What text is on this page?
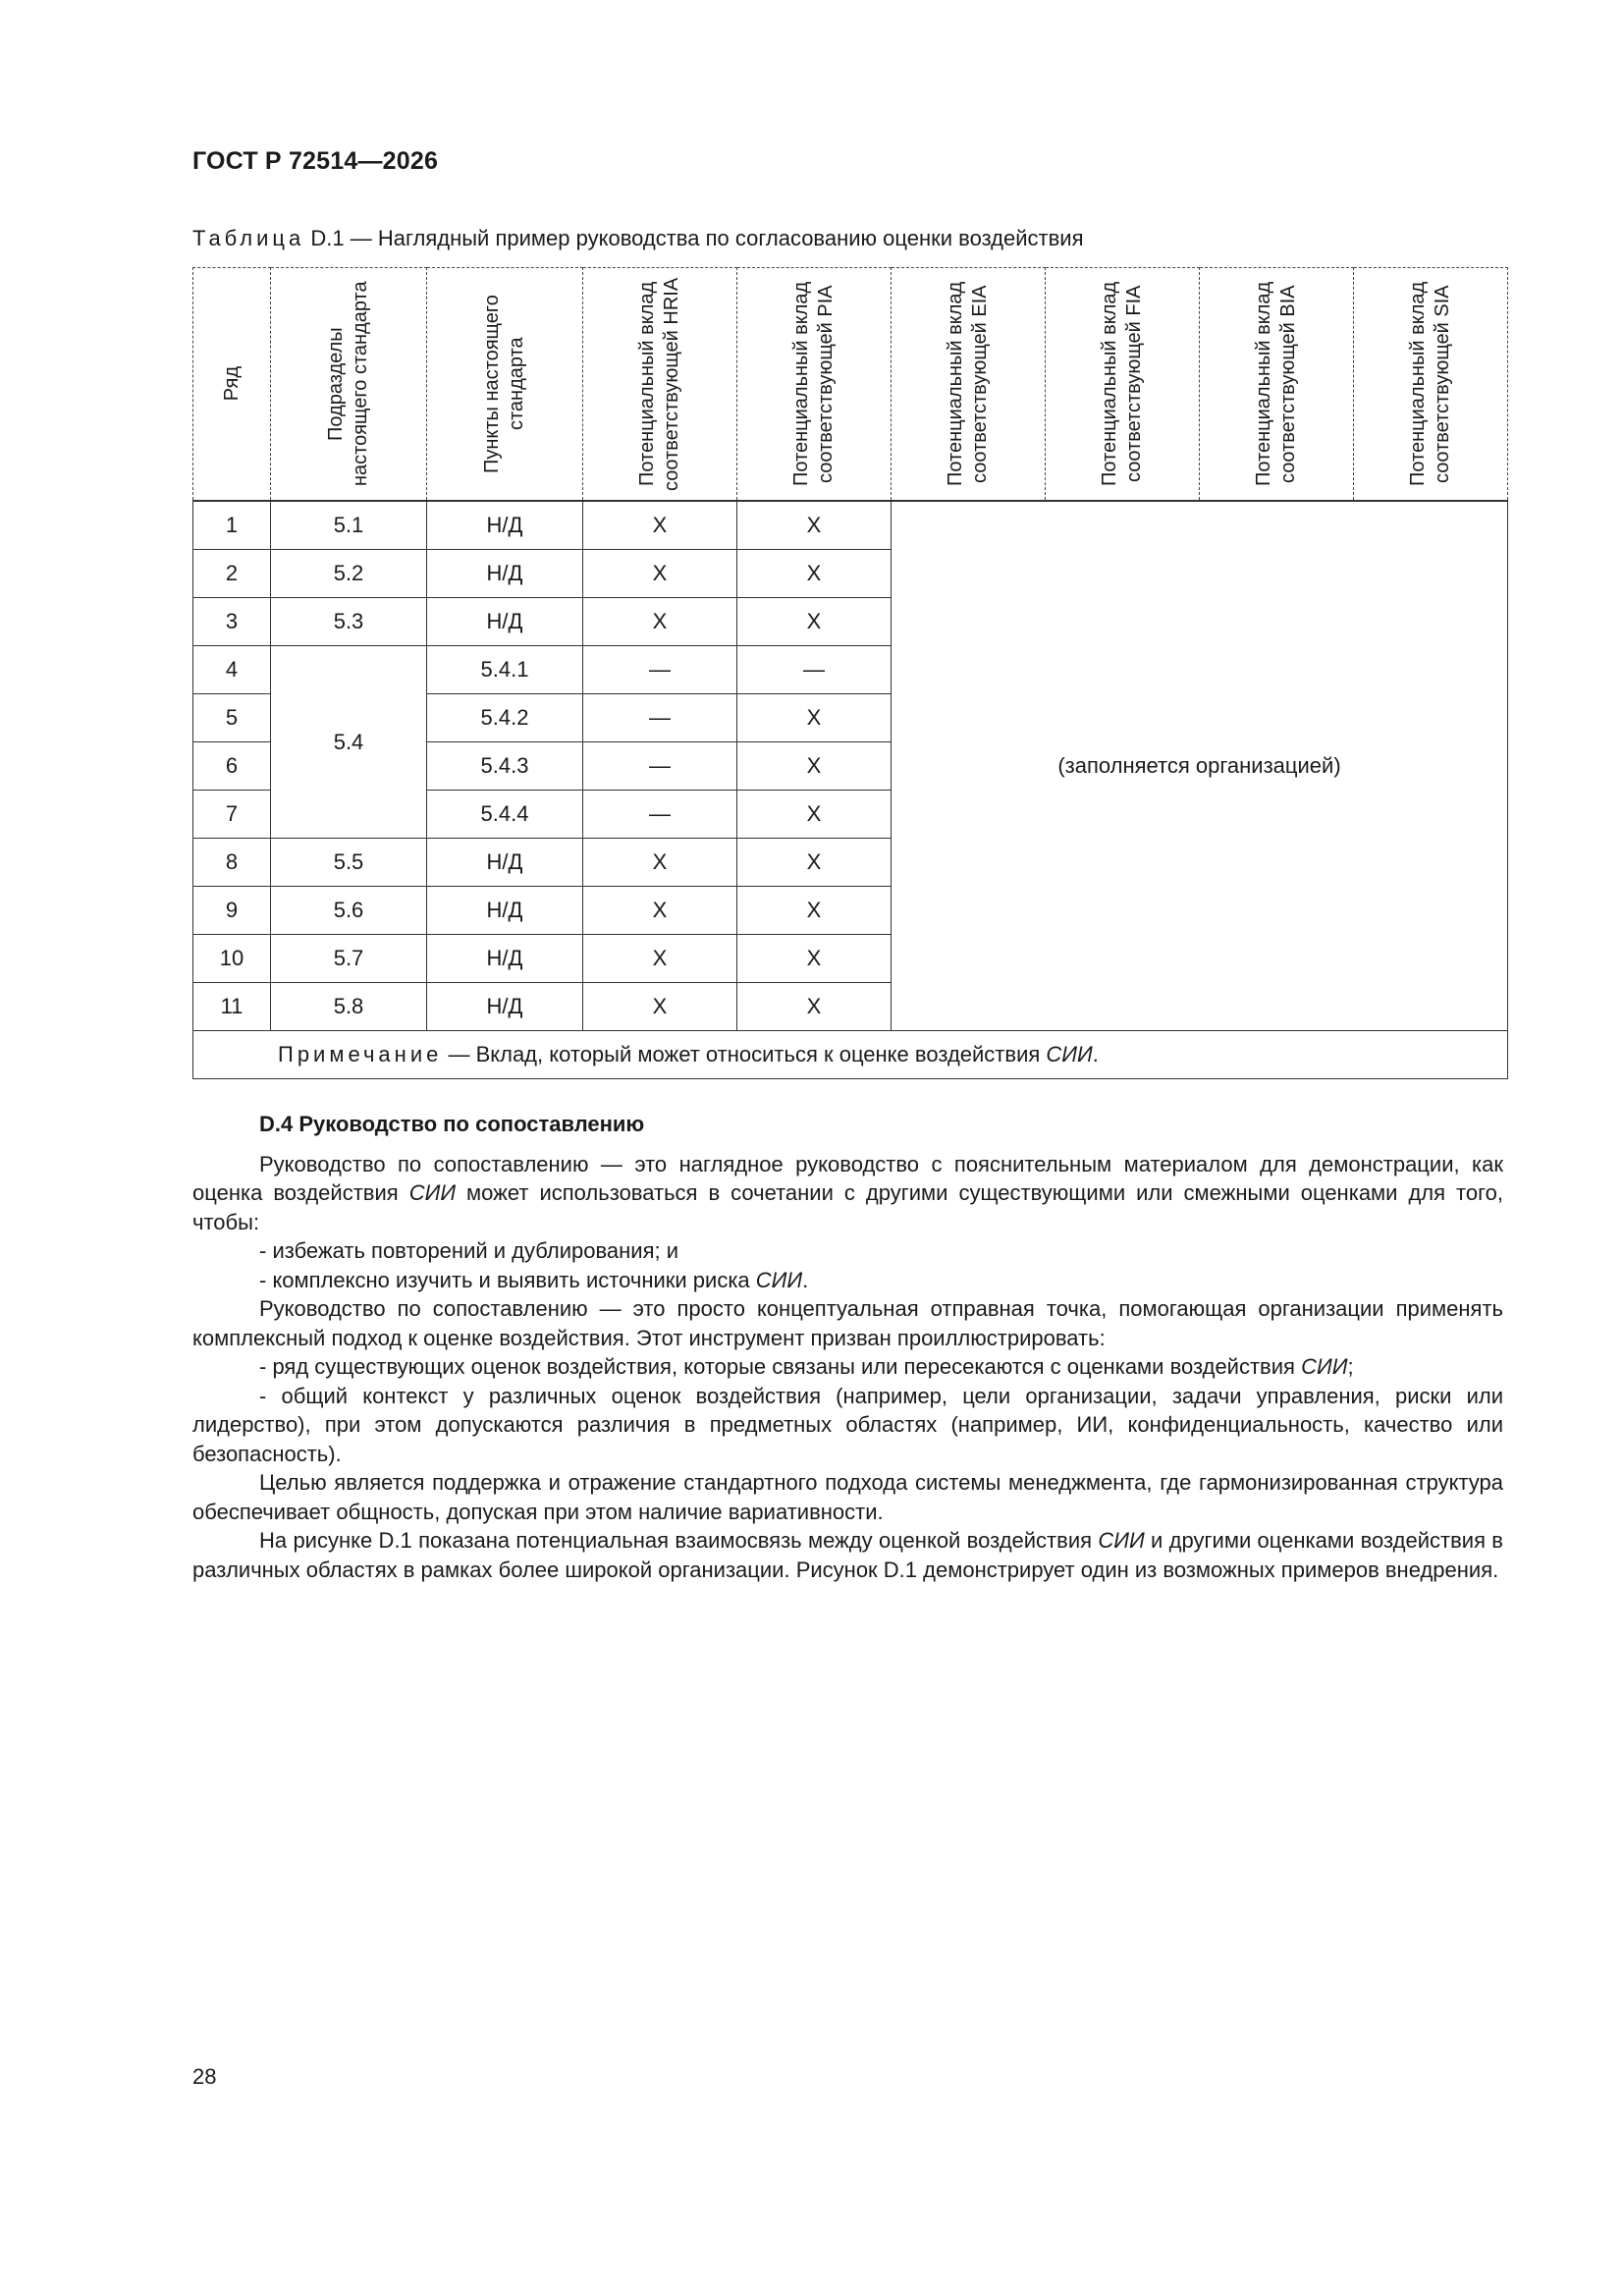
ГОСТ Р 72514—2026
Таблица D.1 — Наглядный пример руководства по согласованию оценки воздействия
Ряд	Подразделы настоящего стандарта	Пункты настоящего стандарта	Потенциальный вклад соответствующей HRIA	Потенциальный вклад соответствующей PIA	Потенциальный вклад соответствующей EIA	Потенциальный вклад соответствующей FIA	Потенциальный вклад соответствующей BIA	Потенциальный вклад соответствующей SIA

1	5.1	Н/Д	X	X	(заполняется организацией)			
2	5.2	Н/Д	X	X				
3	5.3	Н/Д	X	X				
4	5.4	5.4.1	—	—				
5		5.4.2	—	X				
6		5.4.3	—	X				
7		5.4.4	—	X				
8	5.5	Н/Д	X	X				
9	5.6	Н/Д	X	X				
10	5.7	Н/Д	X	X				
11	5.8	Н/Д	X	X				
Примечание — Вклад, который может относиться к оценке воздействия СИИ.								

D.4 Руководство по сопоставлению

Руководство по сопоставлению — это наглядное руководство с пояснительным материалом для демонстрации, как оценка воздействия СИИ может использоваться в сочетании с другими существующими или смежными оценками для того, чтобы:

- избежать повторений и дублирования; и

- комплексно изучить и выявить источники риска СИИ.

Руководство по сопоставлению — это просто концептуальная отправная точка, помогающая организации применять комплексный подход к оценке воздействия. Этот инструмент призван проиллюстрировать:

- ряд существующих оценок воздействия, которые связаны или пересекаются с оценками воздействия СИИ;

- общий контекст у различных оценок воздействия (например, цели организации, задачи управления, риски или лидерство), при этом допускаются различия в предметных областях (например, ИИ, конфиденциальность, качество или безопасность).

Целью является поддержка и отражение стандартного подхода системы менеджмента, где гармонизированная структура обеспечивает общность, допуская при этом наличие вариативности.

На рисунке D.1 показана потенциальная взаимосвязь между оценкой воздействия СИИ и другими оценками воздействия в различных областях в рамках более широкой организации. Рисунок D.1 демонстрирует один из возможных примеров внедрения.

28
